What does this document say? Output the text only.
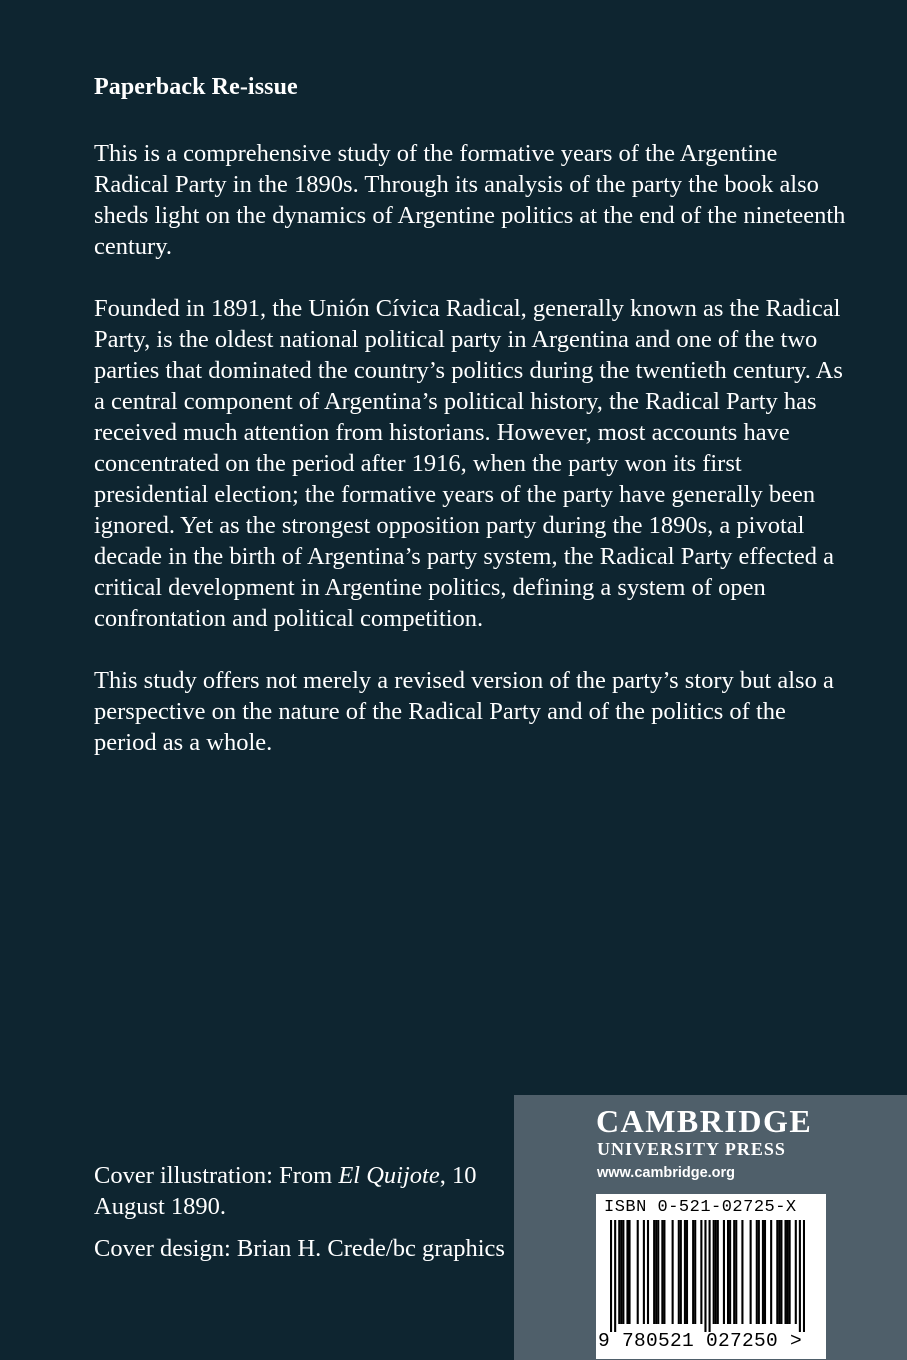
Paperback Re-issue

This is a comprehensive study of the formative years of the Argentine Radical Party in the 1890s. Through its analysis of the party the book also sheds light on the dynamics of Argentine politics at the end of the nineteenth century.

Founded in 1891, the Unión Cívica Radical, generally known as the Radical Party, is the oldest national political party in Argentina and one of the two parties that dominated the country’s politics during the twentieth century. As a central component of Argentina’s political history, the Radical Party has received much attention from historians. However, most accounts have concentrated on the period after 1916, when the party won its first presidential election; the formative years of the party have generally been ignored. Yet as the strongest opposition party during the 1890s, a pivotal decade in the birth of Argentina’s party system, the Radical Party effected a critical development in Argentine politics, defining a system of open confrontation and political competition.

This study offers not merely a revised version of the party’s story but also a perspective on the nature of the Radical Party and of the politics of the period as a whole.

Cover illustration: From El Quijote, 10 August 1890.

Cover design: Brian H. Crede/bc graphics

CAMBRIDGE

UNIVERSITY PRESS

www.cambridge.org

ISBN 0-521-02725-X

9 780521 027250 >
